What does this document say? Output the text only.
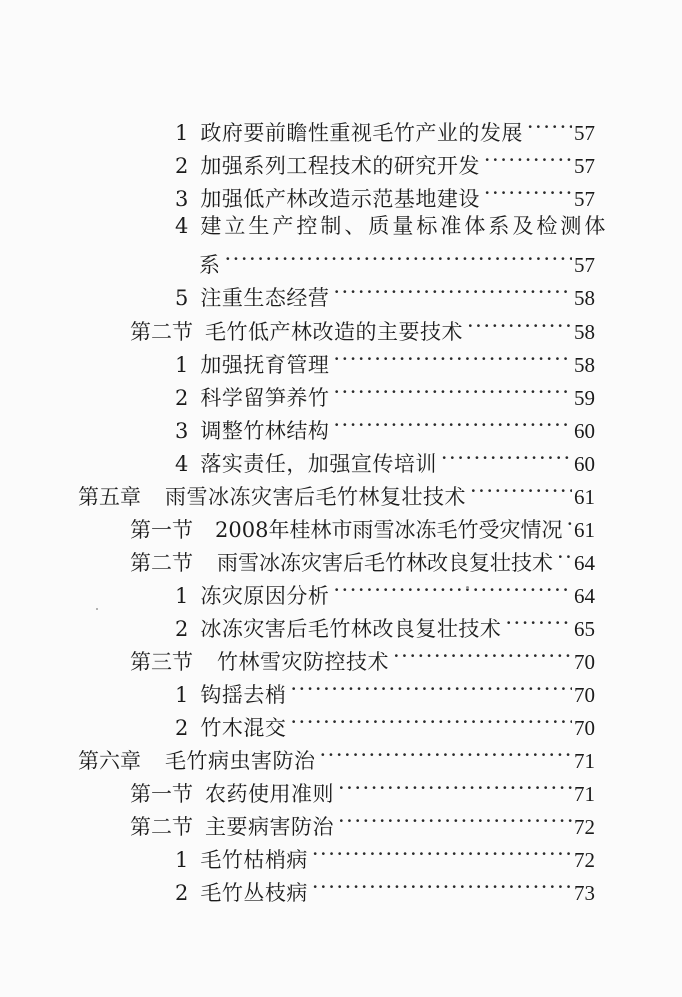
1 政府要前瞻性重视毛竹产业的发展 ····· 57
2 加强系列工程技术的研究开发 ·····	57
3 加强低产林改造示范基地建设 ·····	57
4 建立生产控制、质量标准体系及检测体
系 ·····	57
5 注重生态经营 ·····	58
第二节 毛竹低产林改造的主要技术 ·····	58
1 加强抚育管理 ·····	58
2 科学留笋养竹 ·····	59
3 调整竹林结构 ·····	60
4 落实责任，加强宣传培训 ·····	60
第五章 雨雪冰冻灾害后毛竹林复壮技术 ·····	61
第一节 2008年桂林市雨雪冰冻毛竹受灾情况 ····· 61
第二节 雨雪冰冻灾害后毛竹林改良复壮技术 ····· 64
1 冻灾原因分析 ·····	64
2 冰冻灾害后毛竹林改良复壮技术 ·····	65
第三节 竹林雪灾防控技术 ·····	70
1 钩揺去梢 ·····	70
2 竹木混交 ·····	70
第六章 毛竹病虫害防治 ·····	71
第一节 农药使用准则 ·····	71
第二节 主要病害防治 ·····	72
1 毛竹枯梢病 ·····	72
2 毛竹丛枝病 ·····	73
